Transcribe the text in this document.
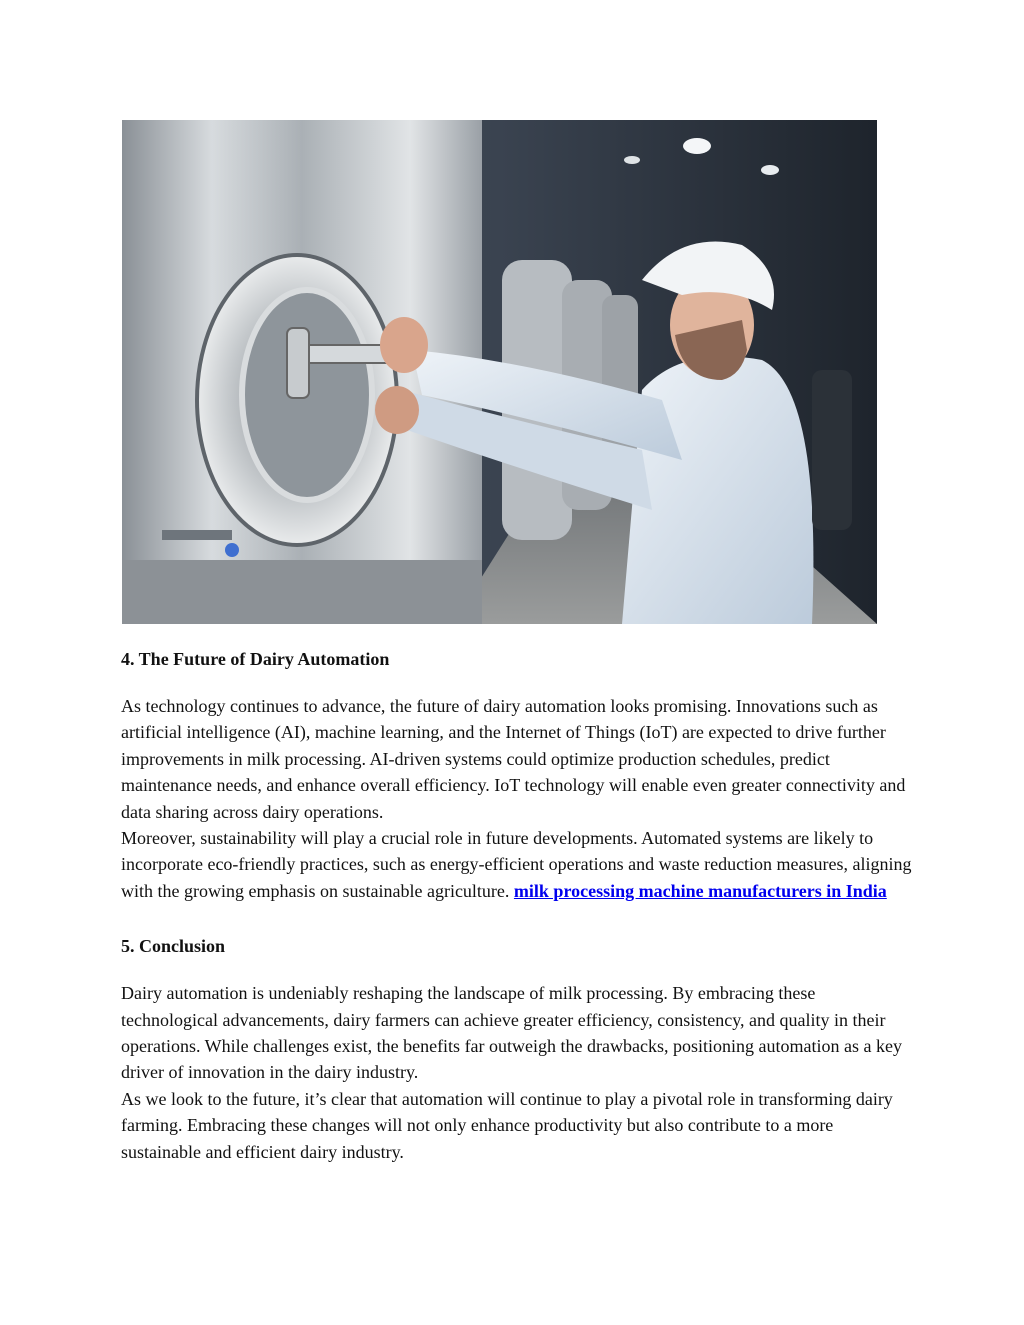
4. The Future of Dairy Automation

As technology continues to advance, the future of dairy automation looks promising. Innovations such as artificial intelligence (AI), machine learning, and the Internet of Things (IoT) are expected to drive further improvements in milk processing. AI-driven systems could optimize production schedules, predict maintenance needs, and enhance overall efficiency. IoT technology will enable even greater connectivity and data sharing across dairy operations.

Moreover, sustainability will play a crucial role in future developments. Automated systems are likely to incorporate eco-friendly practices, such as energy-efficient operations and waste reduction measures, aligning with the growing emphasis on sustainable agriculture. milk processing machine manufacturers in India

5. Conclusion

Dairy automation is undeniably reshaping the landscape of milk processing. By embracing these technological advancements, dairy farmers can achieve greater efficiency, consistency, and quality in their operations. While challenges exist, the benefits far outweigh the drawbacks, positioning automation as a key driver of innovation in the dairy industry.

As we look to the future, it’s clear that automation will continue to play a pivotal role in transforming dairy farming. Embracing these changes will not only enhance productivity but also contribute to a more sustainable and efficient dairy industry.
